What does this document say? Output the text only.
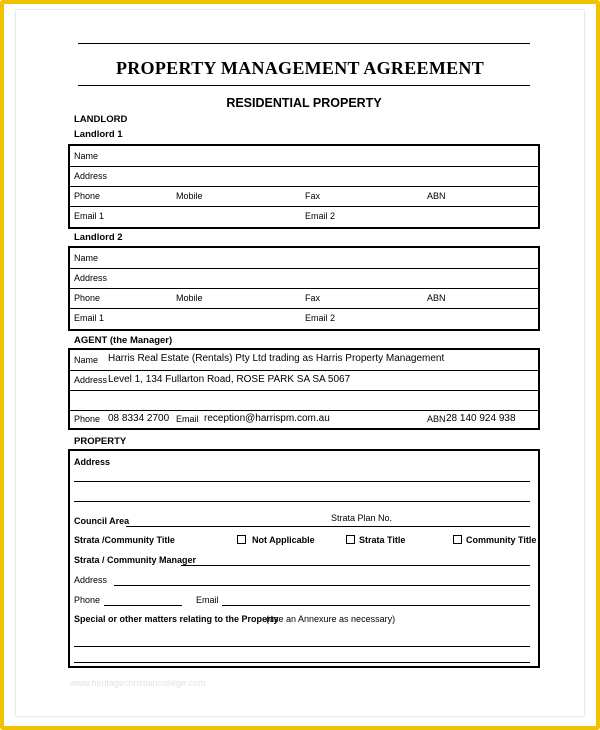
PROPERTY MANAGEMENT AGREEMENT
RESIDENTIAL PROPERTY
LANDLORD
Landlord 1
Name
Address
Phone	Mobile	Fax	ABN
Email 1	Email 2
Landlord 2
Name
Address
Phone	Mobile	Fax	ABN
Email 1	Email 2
AGENT (the Manager)
Name Harris Real Estate (Rentals) Pty Ltd trading as Harris Property Management
Address Level 1, 134 Fullarton Road, ROSE PARK SA SA 5067
Phone 08 8334 2700 Email reception@harrispm.com.au	ABN 28 140 924 938
PROPERTY
Address
Council Area	Strata Plan No.
Strata /Community Title	Not Applicable	Strata Title	Community Title
Strata / Community Manager
Address
Phone	Email
Special or other matters relating to the Property
(use an Annexure as necessary)
www.heritagechristiancollege.com
